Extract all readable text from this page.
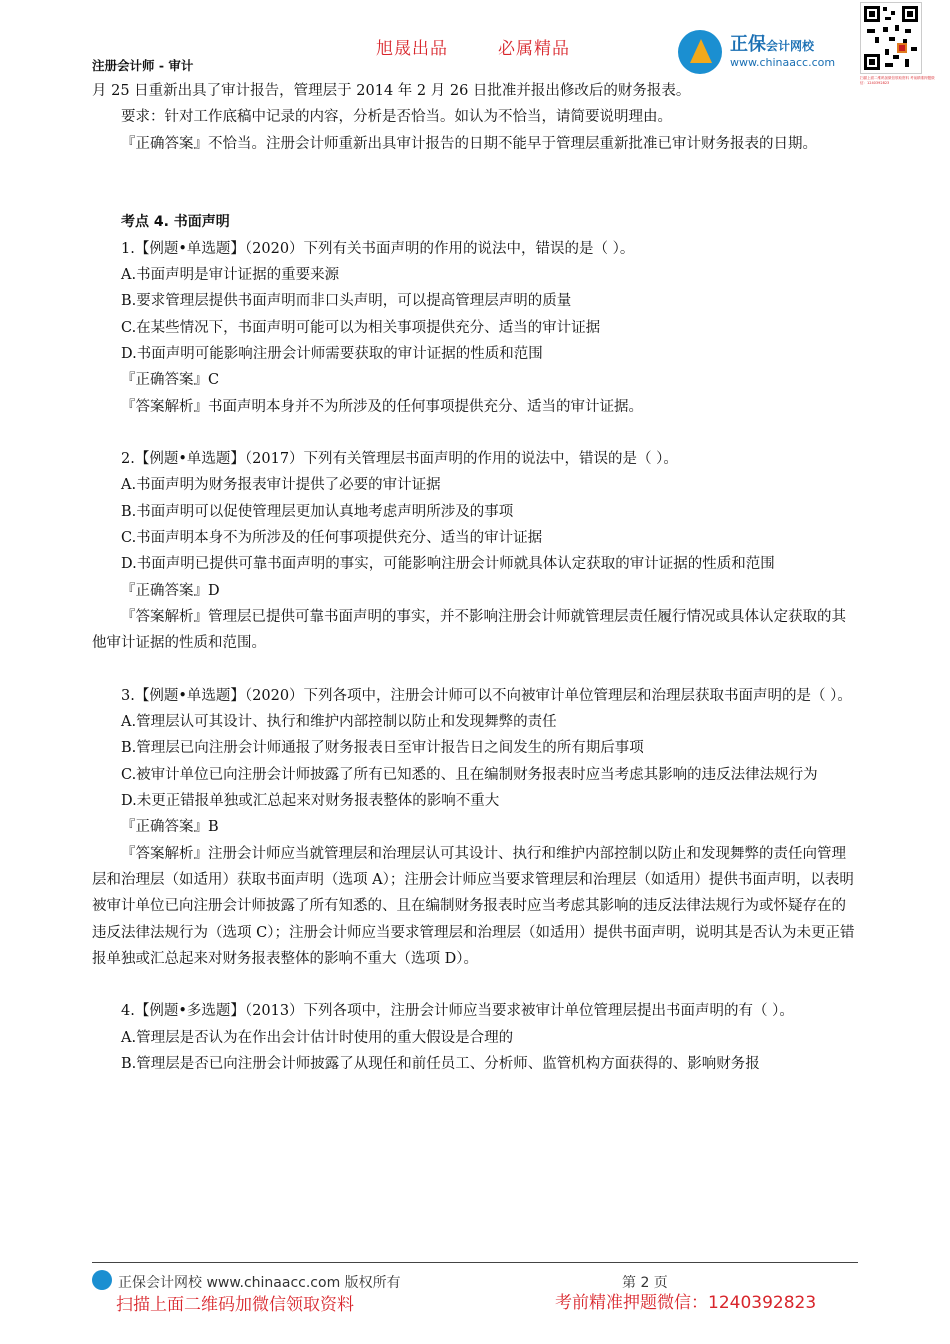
旭晟出品	必属精品
注册会计师 - 审计
正保会计网校
www.chinaacc.com
扫描上面二维码加微信领取资料 考前精准押题微信：1240392823

月 25 日重新出具了审计报告，管理层于 2014 年 2 月 26 日批准并报出修改后的财务报表。

要求：针对工作底稿中记录的内容，分析是否恰当。如认为不恰当，请简要说明理由。

『正确答案』不恰当。注册会计师重新出具审计报告的日期不能早于管理层重新批准已审计财务报表的日期。

考点 4. 书面声明

1.【例题•单选题】（2020）下列有关书面声明的作用的说法中，错误的是（ ）。

A.书面声明是审计证据的重要来源

B.要求管理层提供书面声明而非口头声明，可以提高管理层声明的质量

C.在某些情况下，书面声明可能可以为相关事项提供充分、适当的审计证据

D.书面声明可能影响注册会计师需要获取的审计证据的性质和范围

『正确答案』C

『答案解析』书面声明本身并不为所涉及的任何事项提供充分、适当的审计证据。

2.【例题•单选题】（2017）下列有关管理层书面声明的作用的说法中，错误的是（ ）。

A.书面声明为财务报表审计提供了必要的审计证据

B.书面声明可以促使管理层更加认真地考虑声明所涉及的事项

C.书面声明本身不为所涉及的任何事项提供充分、适当的审计证据

D.书面声明已提供可靠书面声明的事实，可能影响注册会计师就具体认定获取的审计证据的性质和范围

『正确答案』D

『答案解析』管理层已提供可靠书面声明的事实，并不影响注册会计师就管理层责任履行情况或具体认定获取的其他审计证据的性质和范围。

3.【例题•单选题】（2020）下列各项中，注册会计师可以不向被审计单位管理层和治理层获取书面声明的是（ ）。

A.管理层认可其设计、执行和维护内部控制以防止和发现舞弊的责任

B.管理层已向注册会计师通报了财务报表日至审计报告日之间发生的所有期后事项

C.被审计单位已向注册会计师披露了所有已知悉的、且在编制财务报表时应当考虑其影响的违反法律法规行为

D.未更正错报单独或汇总起来对财务报表整体的影响不重大

『正确答案』B

『答案解析』注册会计师应当就管理层和治理层认可其设计、执行和维护内部控制以防止和发现舞弊的责任向管理层和治理层（如适用）获取书面声明（选项 A）；注册会计师应当要求管理层和治理层（如适用）提供书面声明，以表明被审计单位已向注册会计师披露了所有知悉的、且在编制财务报表时应当考虑其影响的违反法律法规行为或怀疑存在的违反法律法规行为（选项 C）；注册会计师应当要求管理层和治理层（如适用）提供书面声明，说明其是否认为未更正错报单独或汇总起来对财务报表整体的影响不重大（选项 D）。

4.【例题•多选题】（2013）下列各项中，注册会计师应当要求被审计单位管理层提出书面声明的有（ ）。

A.管理层是否认为在作出会计估计时使用的重大假设是合理的

B.管理层是否已向注册会计师披露了从现任和前任员工、分析师、监管机构方面获得的、影响财务报

正保会计网校 www.chinaacc.com 版权所有	第 2 页
扫描上面二维码加微信领取资料	考前精准押题微信：1240392823
